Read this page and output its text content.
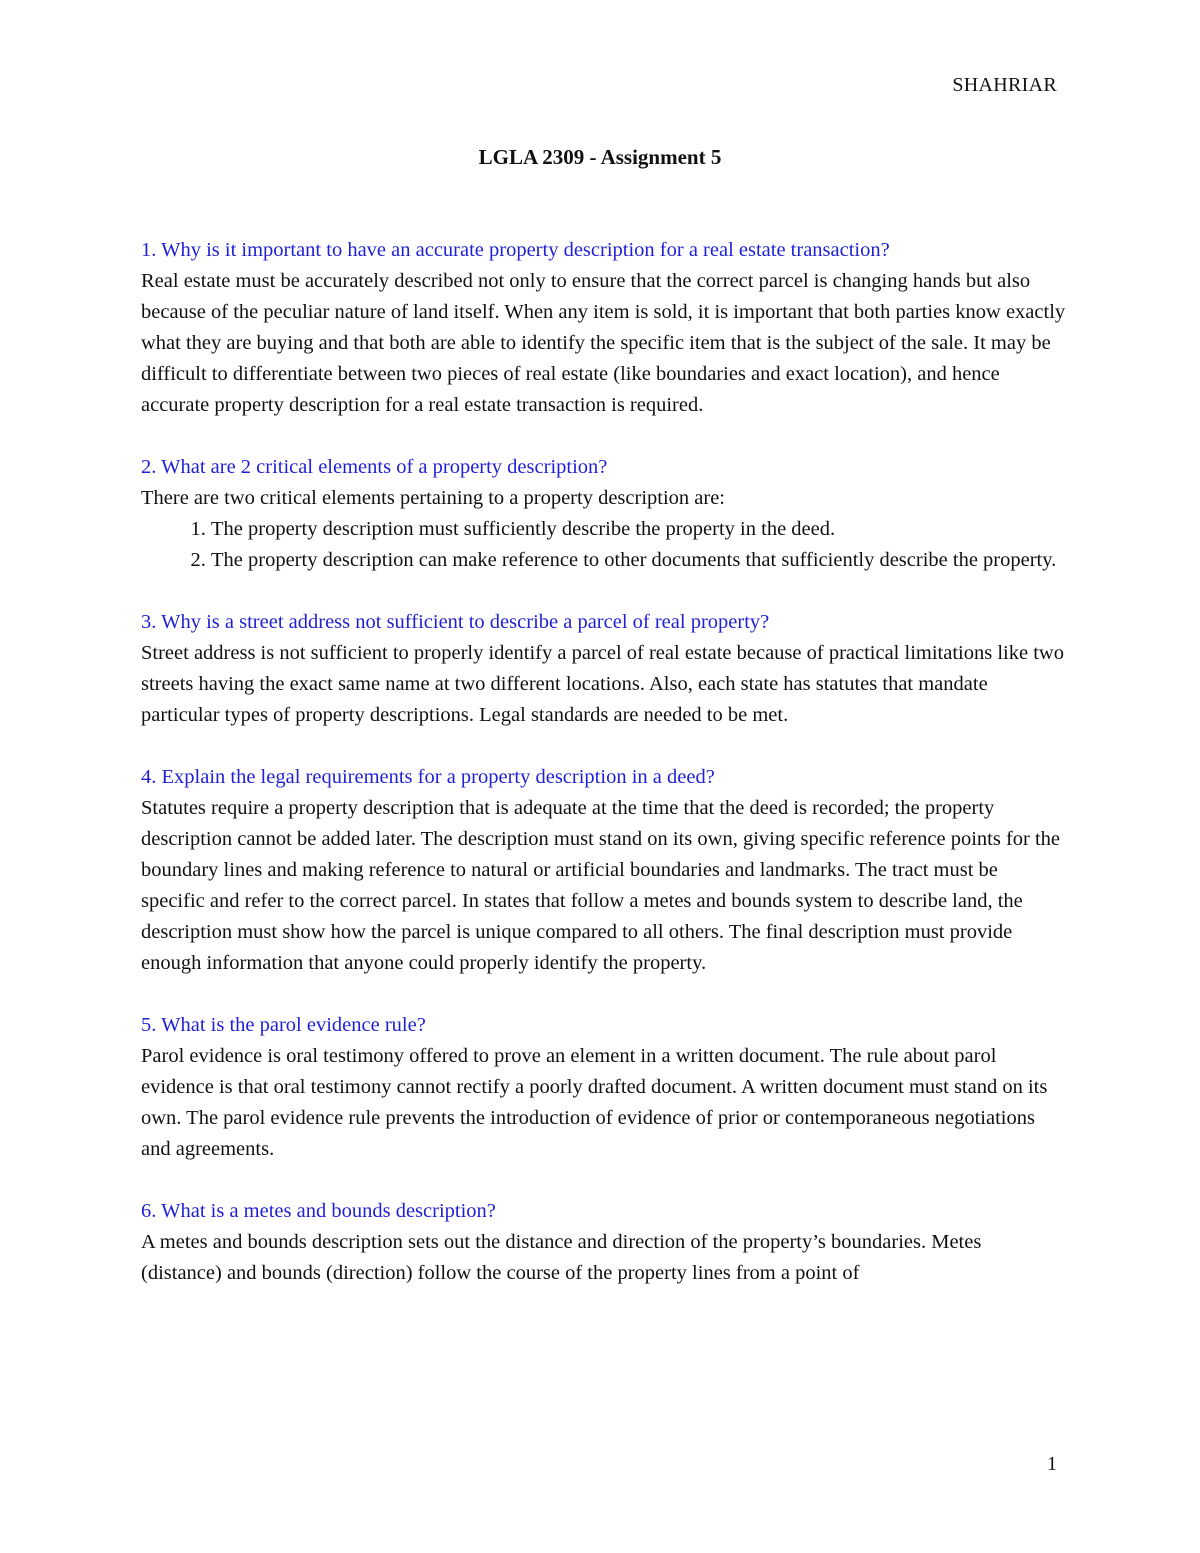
SHAHRIAR
LGLA 2309 - Assignment 5

1. Why is it important to have an accurate property description for a real estate transaction?

Real estate must be accurately described not only to ensure that the correct parcel is changing hands but also because of the peculiar nature of land itself. When any item is sold, it is important that both parties know exactly what they are buying and that both are able to identify the specific item that is the subject of the sale. It may be difficult to differentiate between two pieces of real estate (like boundaries and exact location), and hence accurate property description for a real estate transaction is required.

2. What are 2 critical elements of a property description?

There are two critical elements pertaining to a property description are:

1. The property description must sufficiently describe the property in the deed.
2. The property description can make reference to other documents that sufficiently describe the property.

3. Why is a street address not sufficient to describe a parcel of real property?

Street address is not sufficient to properly identify a parcel of real estate because of practical limitations like two streets having the exact same name at two different locations. Also, each state has statutes that mandate particular types of property descriptions. Legal standards are needed to be met.

4. Explain the legal requirements for a property description in a deed?

Statutes require a property description that is adequate at the time that the deed is recorded; the property description cannot be added later. The description must stand on its own, giving specific reference points for the boundary lines and making reference to natural or artificial boundaries and landmarks. The tract must be specific and refer to the correct parcel. In states that follow a metes and bounds system to describe land, the description must show how the parcel is unique compared to all others. The final description must provide enough information that anyone could properly identify the property.

5. What is the parol evidence rule?

Parol evidence is oral testimony offered to prove an element in a written document. The rule about parol evidence is that oral testimony cannot rectify a poorly drafted document. A written document must stand on its own. The parol evidence rule prevents the introduction of evidence of prior or contemporaneous negotiations and agreements.

6. What is a metes and bounds description?

A metes and bounds description sets out the distance and direction of the property’s boundaries. Metes (distance) and bounds (direction) follow the course of the property lines from a point of

1
